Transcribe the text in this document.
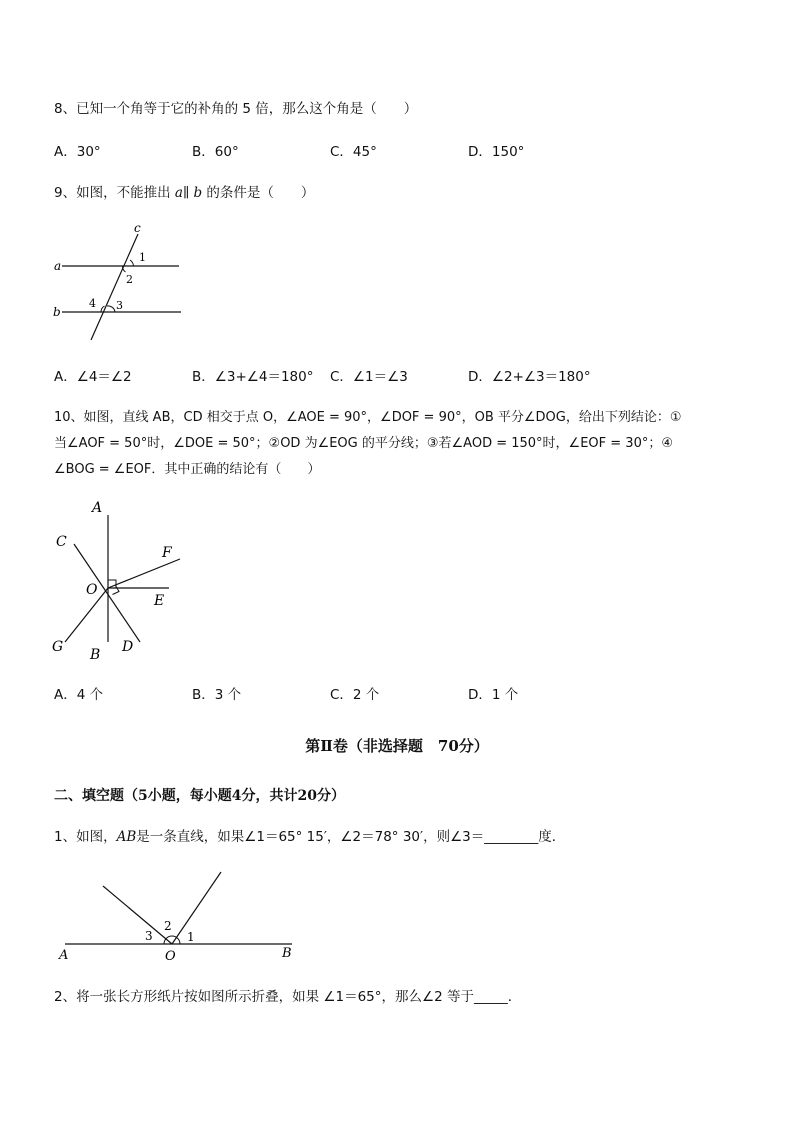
8、已知一个角等于它的补角的 5 倍，那么这个角是（　　）
A．30°	B．60°	C．45°	D．150°
9、如图，不能推出 a∥ b 的条件是（　　）
a
b
c
1
2
4 3
A．∠4＝∠2	B．∠3+∠4＝180° C．∠1＝∠3	D．∠2+∠3＝180°
10、如图，直线 AB，CD 相交于点 O，∠AOE = 90°，∠DOF = 90°，OB 平分∠DOG，给出下列结论：①
当∠AOF = 50°时，∠DOE = 50°；②OD 为∠EOG 的平分线；③若∠AOD = 150°时，∠EOF = 30°；④
∠BOG = ∠EOF．其中正确的结论有（　　）
A
C
F
O
E
G	D
B
A．4 个	B．3 个	C．2 个	D．1 个
第Ⅱ卷（非选择题　70分）
二、填空题（5小题，每小题4分，共计20分）
1、如图，AB是一条直线，如果∠1＝65° 15′，∠2＝78° 30′，则∠3＝________度．
3
2
1
A	O	B
2、将一张长方形纸片按如图所示折叠，如果 ∠1＝65°，那么∠2 等于_____．
